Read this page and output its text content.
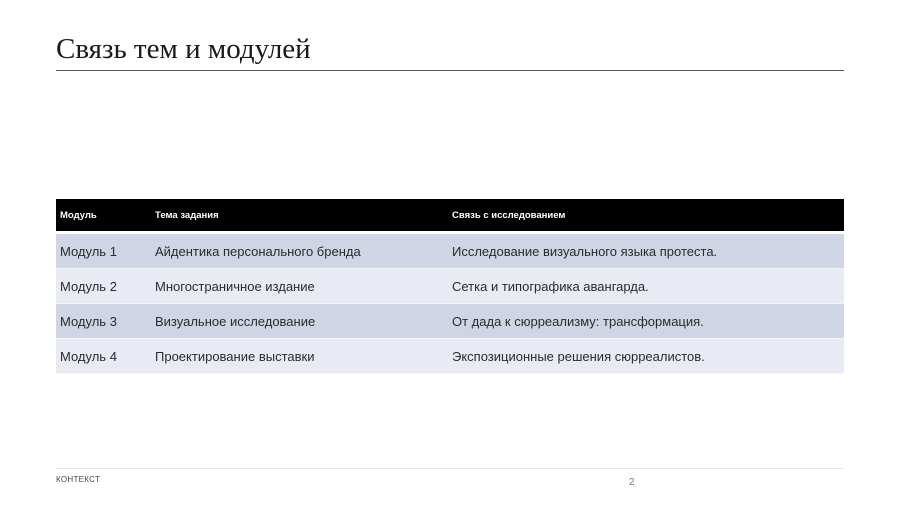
Связь тем и модулей
Модуль	Тема задания	Связь с исследованием
Модуль 1	Айдентика персонального бренда	Исследование визуального языка протеста.
Модуль 2	Многостраничное издание	Сетка и типографика авангарда.
Модуль 3	Визуальное исследование	От дада к сюрреализму: трансформация.
Модуль 4	Проектирование выставки	Экспозиционные решения сюрреалистов.
КОНТЕКСТ	2
